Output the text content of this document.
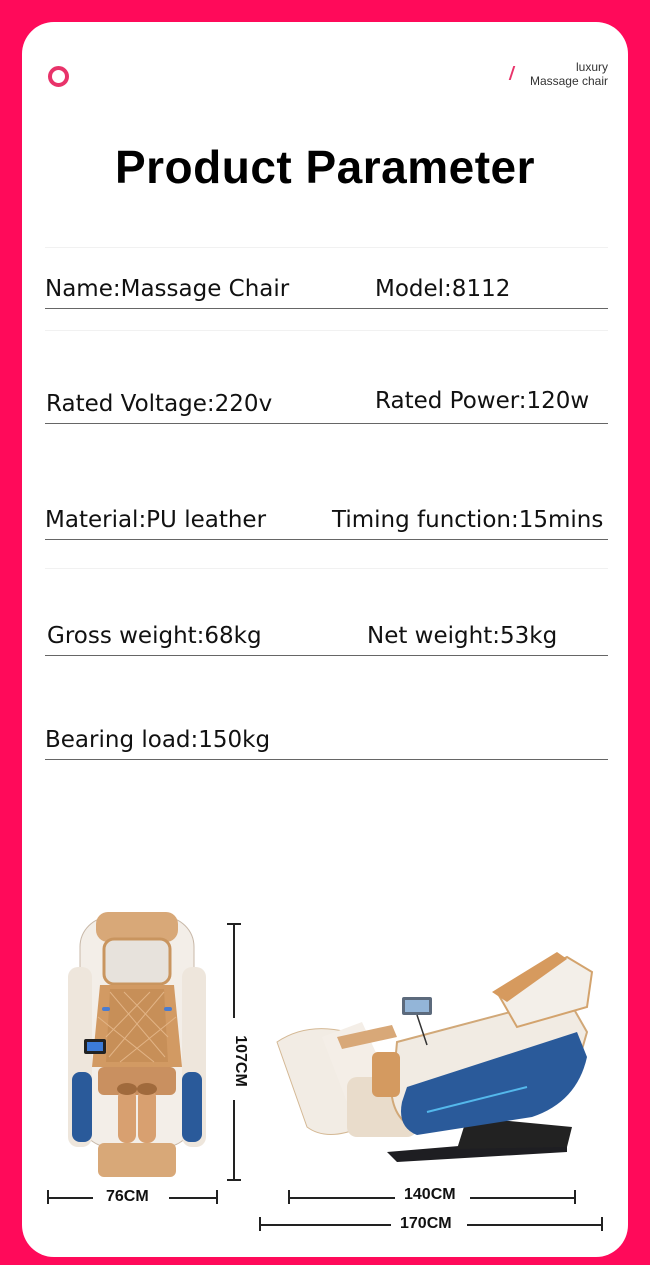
luxury
Massage chair
Product Parameter
Name:Massage Chair	Model:8112
Rated Voltage:220v	Rated Power:120w
Material:PU leather	Timing function:15mins
Gross weight:68kg	Net weight:53kg
Bearing load:150kg
107CM
76CM	140CM
170CM
